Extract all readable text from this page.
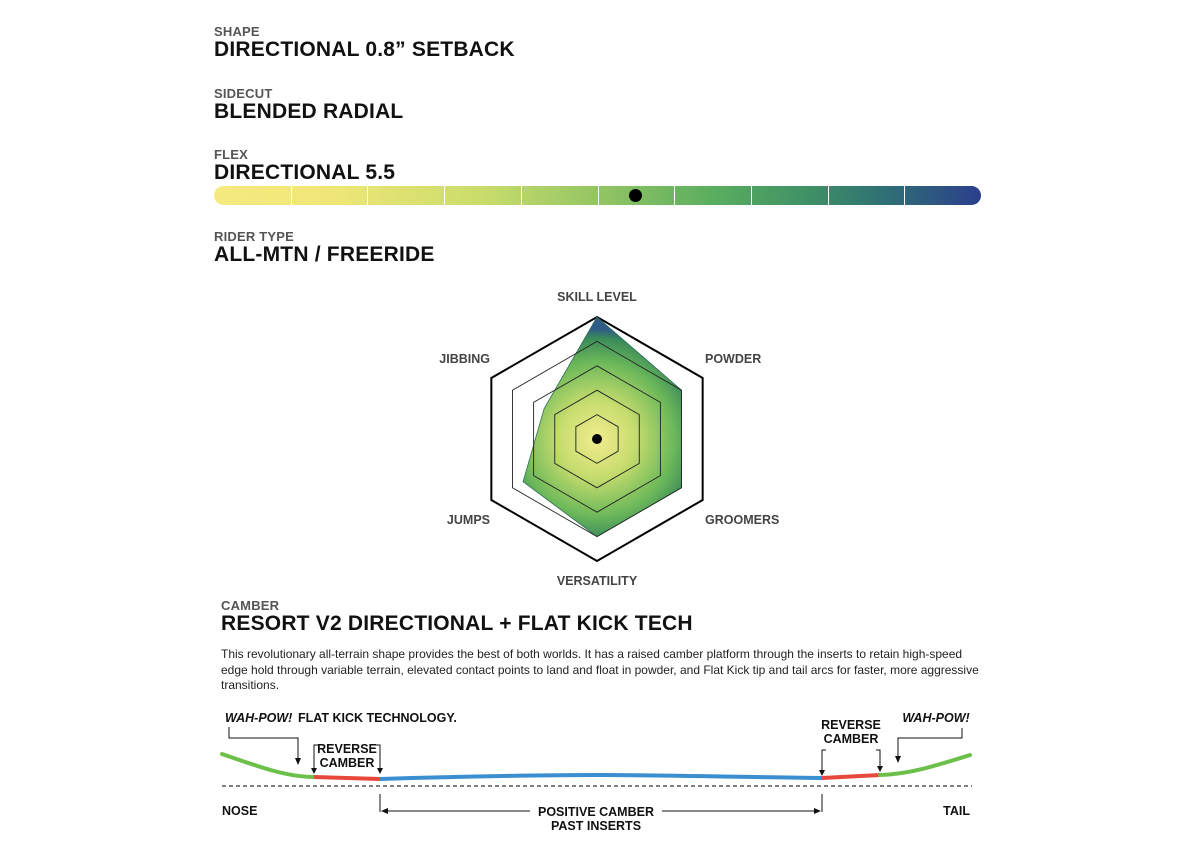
SHAPE
DIRECTIONAL 0.8” SETBACK
SIDECUT
BLENDED RADIAL
FLEX
DIRECTIONAL 5.5
RIDER TYPE
ALL-MTN / FREERIDE
SKILL LEVEL
POWDER
GROOMERS
VERSATILITY
JUMPS
JIBBING
CAMBER
RESORT V2 DIRECTIONAL + FLAT KICK TECH
This revolutionary all-terrain shape provides the best of both worlds. It has a raised camber platform through the inserts to retain high-speed edge hold through variable terrain, elevated contact points to land and float in powder, and Flat Kick tip and tail arcs for faster, more aggressive transitions.
WAH-POW! FLAT KICK TECHNOLOGY.
REVERSE
CAMBER
REVERSE
CAMBER
WAH-POW!
NOSE	TAIL
POSITIVE CAMBER
PAST INSERTS
